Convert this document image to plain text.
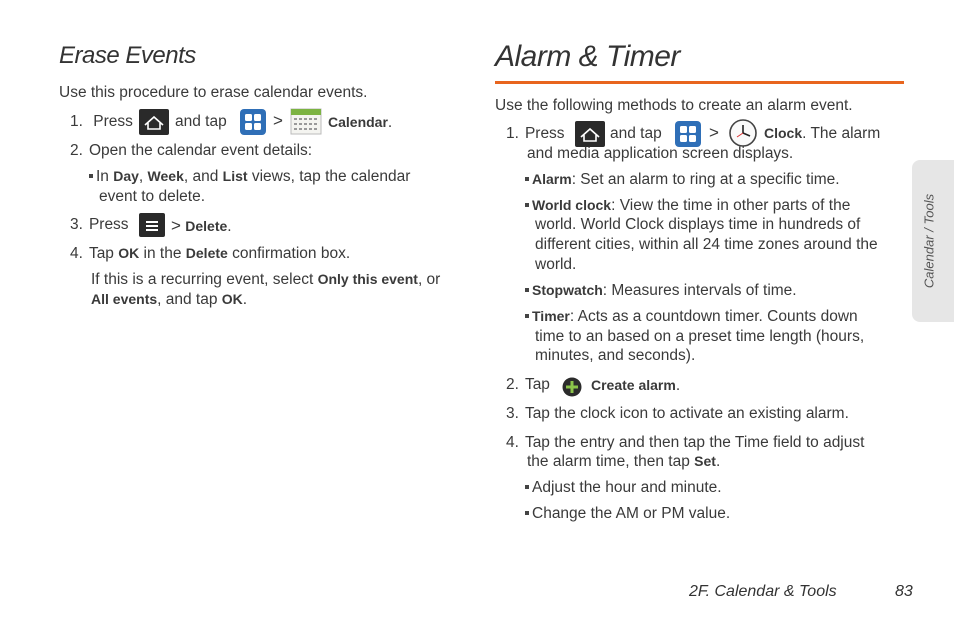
Erase Events
Use this procedure to erase calendar events.
1. Press	and tap	>	Calendar.
2. Open the calendar event details:
In Day, Week, and List views, tap the calendar
event to delete.
3. Press > Delete.
4. Tap OK in the Delete confirmation box.
If this is a recurring event, select Only this event, or
All events, and tap OK.
Alarm & Timer
Use the following methods to create an alarm event.
1. Press	and tap	>	Clock. The alarm
and media application screen displays.
Alarm: Set an alarm to ring at a specific time.
World clock: View the time in other parts of the
world. World Clock displays time in hundreds of
different cities, within all 24 time zones around the
world.
Stopwatch: Measures intervals of time.
Timer: Acts as a countdown timer. Counts down
time to an based on a preset time length (hours,
minutes, and seconds).
2. Tap	Create alarm.
3. Tap the clock icon to activate an existing alarm.
4. Tap the entry and then tap the Time field to adjust
the alarm time, then tap Set.
Adjust the hour and minute.
Change the AM or PM value.
Calendar / Tools
2F. Calendar & Tools	83
